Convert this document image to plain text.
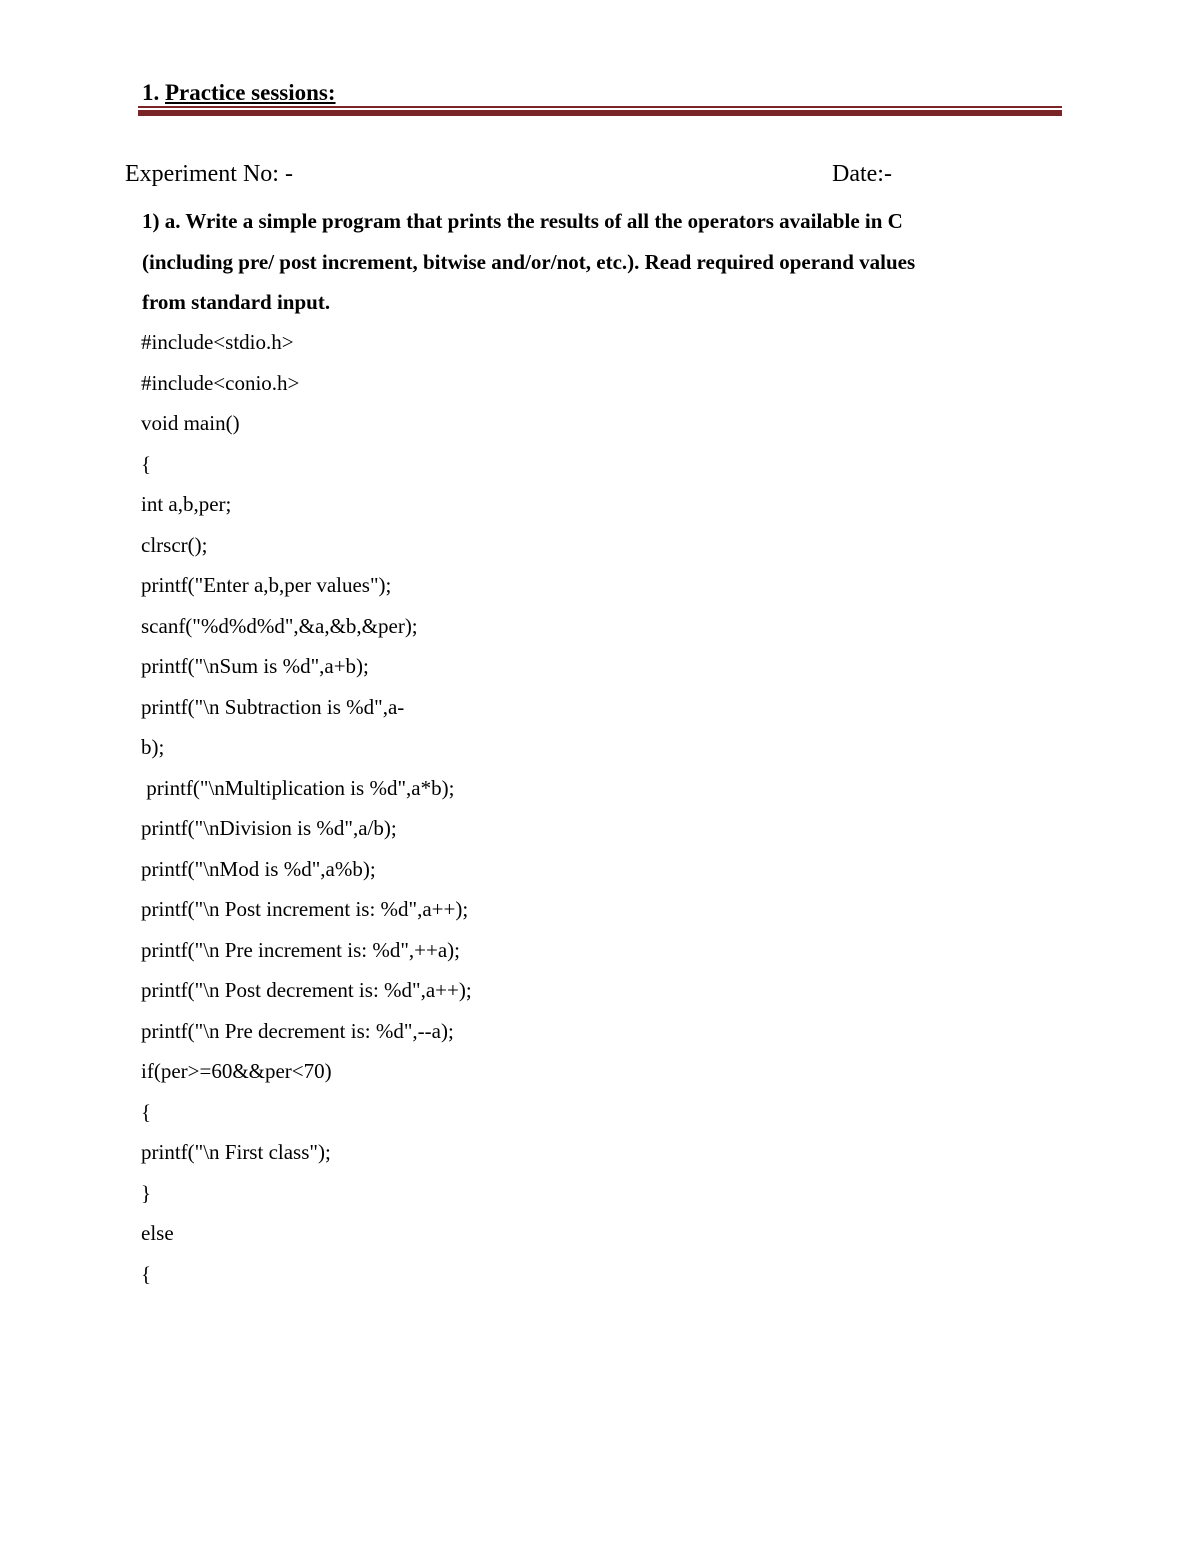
1. Practice sessions:
Experiment No: -	Date:-
1) a. Write a simple program that prints the results of all the operators available in C
(including pre/ post increment, bitwise and/or/not, etc.). Read required operand values
from standard input.
#include<stdio.h>
#include<conio.h>
void main()
{
int a,b,per;
clrscr();
printf("Enter a,b,per values");
scanf("%d%d%d",&a,&b,&per);
printf("\nSum is %d",a+b);
printf("\n Subtraction is %d",a-
b);
printf("\nMultiplication is %d",a*b);
printf("\nDivision is %d",a/b);
printf("\nMod is %d",a%b);
printf("\n Post increment is: %d",a++);
printf("\n Pre increment is: %d",++a);
printf("\n Post decrement is: %d",a++);
printf("\n Pre decrement is: %d",--a);
if(per>=60&&per<70)
{
printf("\n First class");
}
else
{
